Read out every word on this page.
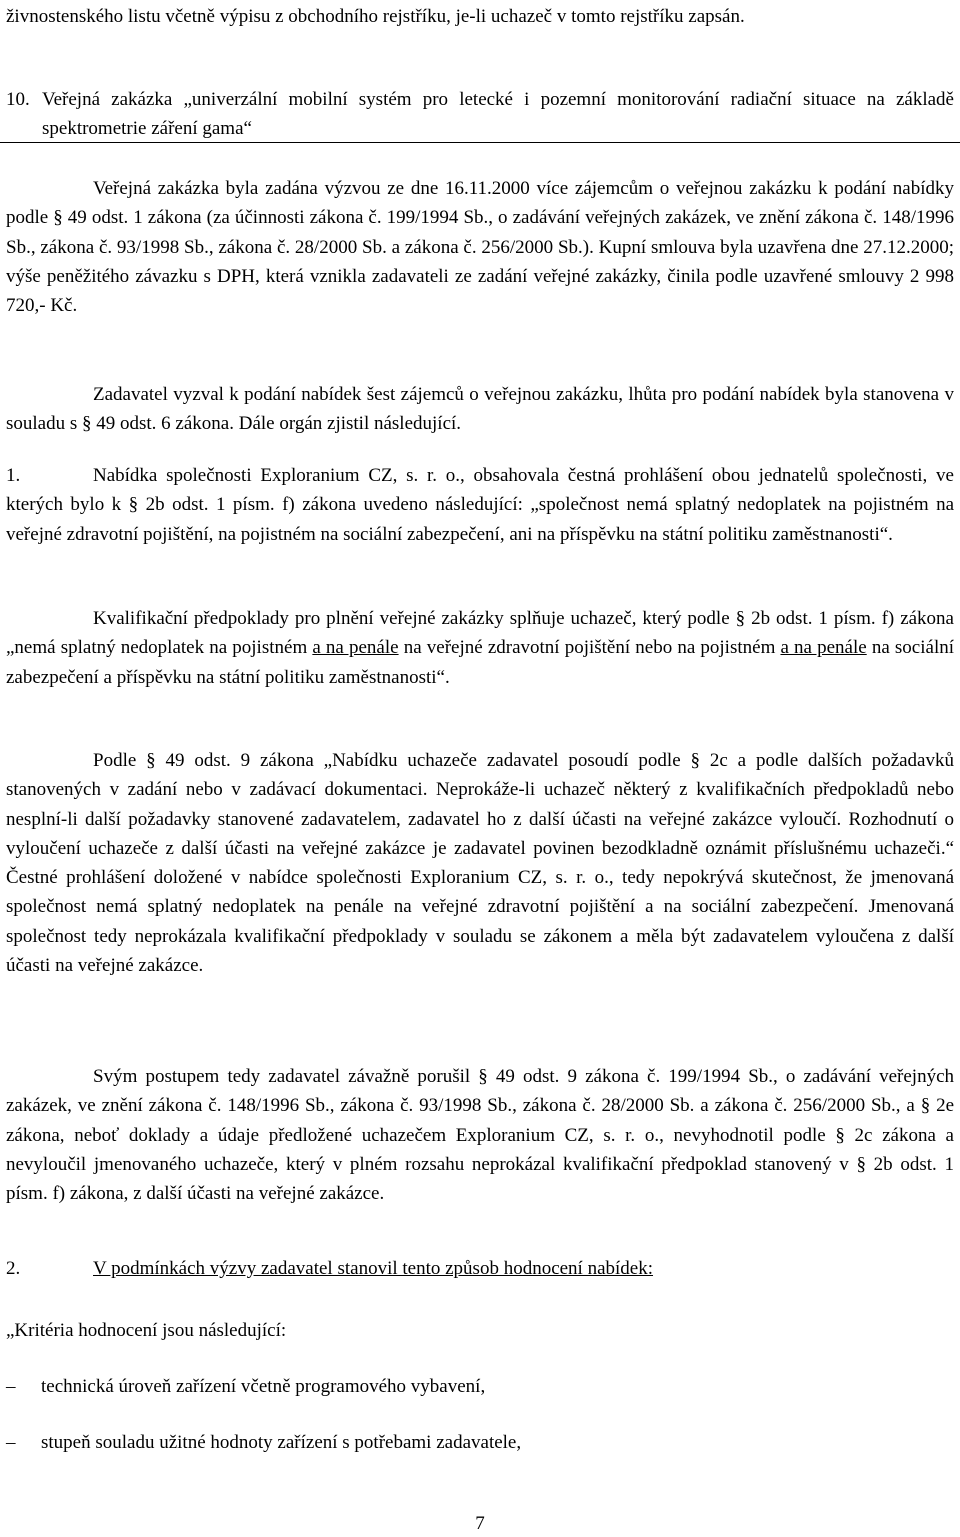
živnostenského listu včetně výpisu z obchodního rejstříku, je-li uchazeč v tomto rejstříku zapsán.

10. Veřejná zakázka „univerzální mobilní systém pro letecké i pozemní monitorování radiační situace na základě spektrometrie záření gama“

Veřejná zakázka byla zadána výzvou ze dne 16.11.2000 více zájemcům o veřejnou zakázku k podání nabídky podle § 49 odst. 1 zákona (za účinnosti zákona č. 199/1994 Sb., o zadávání veřejných zakázek, ve znění zákona č. 148/1996 Sb., zákona č. 93/1998 Sb., zákona č. 28/2000 Sb. a zákona č. 256/2000 Sb.). Kupní smlouva byla uzavřena dne 27.12.2000; výše peněžitého závazku s DPH, která vznikla zadavateli ze zadání veřejné zakázky, činila podle uzavřené smlouvy 2 998 720,- Kč.

Zadavatel vyzval k podání nabídek šest zájemců o veřejnou zakázku, lhůta pro podání nabídek byla stanovena v souladu s § 49 odst. 6 zákona. Dále orgán zjistil následující.

1.	Nabídka společnosti Exploranium CZ, s. r. o., obsahovala čestná prohlášení obou jednatelů společnosti, ve kterých bylo k § 2b odst. 1 písm. f) zákona uvedeno následující: „společnost nemá splatný nedoplatek na pojistném na veřejné zdravotní pojištění, na pojistném na sociální zabezpečení, ani na příspěvku na státní politiku zaměstnanosti“.

Kvalifikační předpoklady pro plnění veřejné zakázky splňuje uchazeč, který podle § 2b odst. 1 písm. f) zákona „nemá splatný nedoplatek na pojistném a na penále na veřejné zdravotní pojištění nebo na pojistném a na penále na sociální zabezpečení a příspěvku na státní politiku zaměstnanosti“.

Podle § 49 odst. 9 zákona „Nabídku uchazeče zadavatel posoudí podle § 2c a podle dalších požadavků stanovených v zadání nebo v zadávací dokumentaci. Neprokáže-li uchazeč některý z kvalifikačních předpokladů nebo nesplní-li další požadavky stanovené zadavatelem, zadavatel ho z další účasti na veřejné zakázce vyloučí. Rozhodnutí o vyloučení uchazeče z další účasti na veřejné zakázce je zadavatel povinen bezodkladně oznámit příslušnému uchazeči.“ Čestné prohlášení doložené v nabídce společnosti Exploranium CZ, s. r. o., tedy nepokrývá skutečnost, že jmenovaná společnost nemá splatný nedoplatek na penále na veřejné zdravotní pojištění a na sociální zabezpečení. Jmenovaná společnost tedy neprokázala kvalifikační předpoklady v souladu se zákonem a měla být zadavatelem vyloučena z další účasti na veřejné zakázce.

Svým postupem tedy zadavatel závažně porušil § 49 odst. 9 zákona č. 199/1994 Sb., o zadávání veřejných zakázek, ve znění zákona č. 148/1996 Sb., zákona č. 93/1998 Sb., zákona č. 28/2000 Sb. a zákona č. 256/2000 Sb., a § 2e zákona, neboť doklady a údaje předložené uchazečem Exploranium CZ, s. r. o., nevyhodnotil podle § 2c zákona a nevyloučil jmenovaného uchazeče, který v plném rozsahu neprokázal kvalifikační předpoklad stanovený v § 2b odst. 1 písm. f) zákona, z další účasti na veřejné zakázce.

2.	V podmínkách výzvy zadavatel stanovil tento způsob hodnocení nabídek:

„Kritéria hodnocení jsou následující:

– technická úroveň zařízení včetně programového vybavení,
– stupeň souladu užitné hodnoty zařízení s potřebami zadavatele,
7
